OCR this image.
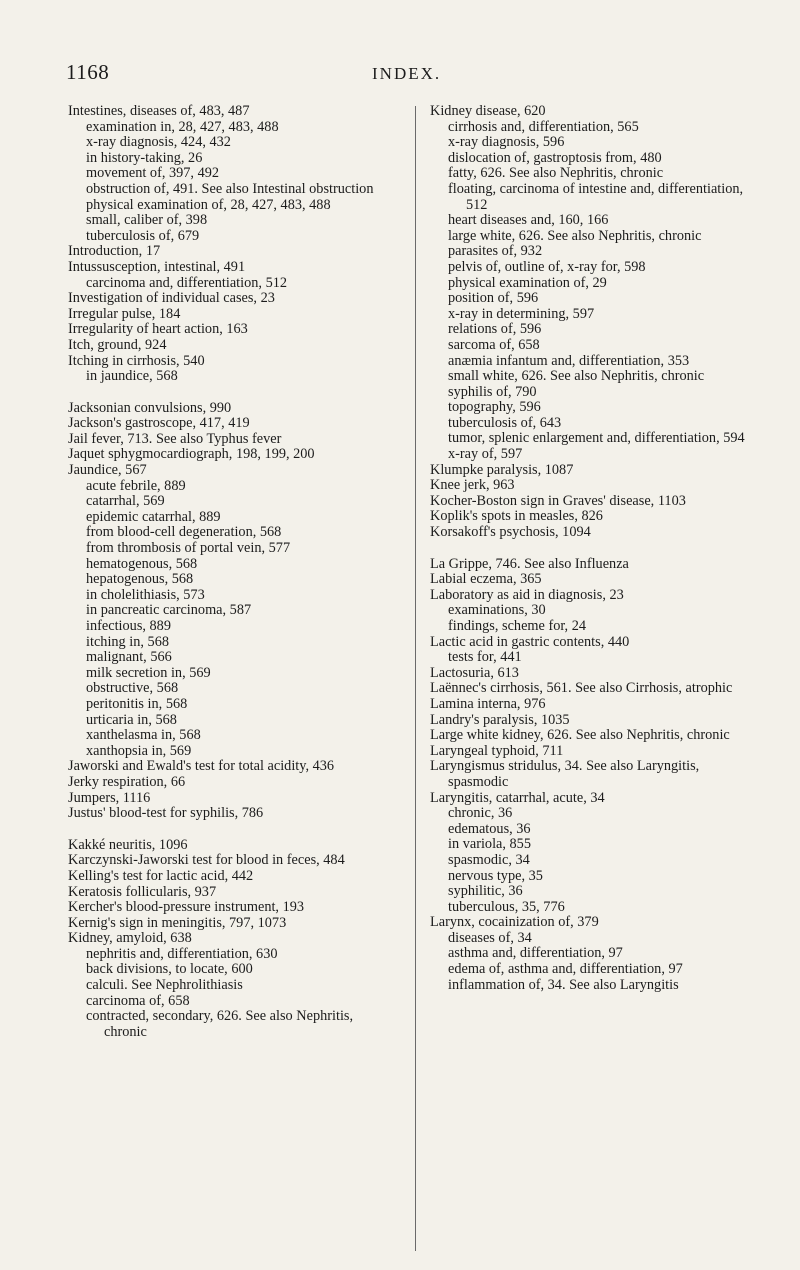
1168	INDEX.
Intestines, diseases of, 483, 487
examination in, 28, 427, 483, 488
x-ray diagnosis, 424, 432
in history-taking, 26
movement of, 397, 492
obstruction of, 491. See also Intestinal obstruction
physical examination of, 28, 427, 483, 488
small, caliber of, 398
tuberculosis of, 679
Introduction, 17
Intussusception, intestinal, 491
carcinoma and, differentiation, 512
Investigation of individual cases, 23
Irregular pulse, 184
Irregularity of heart action, 163
Itch, ground, 924
Itching in cirrhosis, 540
in jaundice, 568
Jacksonian convulsions, 990
Jackson's gastroscope, 417, 419
Jail fever, 713. See also Typhus fever
Jaquet sphygmocardiograph, 198, 199, 200
Jaundice, 567
acute febrile, 889
catarrhal, 569
epidemic catarrhal, 889
from blood-cell degeneration, 568
from thrombosis of portal vein, 577
hematogenous, 568
hepatogenous, 568
in cholelithiasis, 573
in pancreatic carcinoma, 587
infectious, 889
itching in, 568
malignant, 566
milk secretion in, 569
obstructive, 568
peritonitis in, 568
urticaria in, 568
xanthelasma in, 568
xanthopsia in, 569
Jaworski and Ewald's test for total acidity, 436
Jerky respiration, 66
Jumpers, 1116
Justus' blood-test for syphilis, 786
Kakké neuritis, 1096
Karczynski-Jaworski test for blood in feces, 484
Kelling's test for lactic acid, 442
Keratosis follicularis, 937
Kercher's blood-pressure instrument, 193
Kernig's sign in meningitis, 797, 1073
Kidney, amyloid, 638
nephritis and, differentiation, 630
back divisions, to locate, 600
calculi. See Nephrolithiasis
carcinoma of, 658
contracted, secondary, 626. See also Nephritis, chronic
Kidney disease, 620
cirrhosis and, differentiation, 565
x-ray diagnosis, 596
dislocation of, gastroptosis from, 480
fatty, 626. See also Nephritis, chronic
floating, carcinoma of intestine and, differentiation, 512
heart diseases and, 160, 166
large white, 626. See also Nephritis, chronic
parasites of, 932
pelvis of, outline of, x-ray for, 598
physical examination of, 29
position of, 596
x-ray in determining, 597
relations of, 596
sarcoma of, 658
anæmia infantum and, differentiation, 353
small white, 626. See also Nephritis, chronic
syphilis of, 790
topography, 596
tuberculosis of, 643
tumor, splenic enlargement and, differentiation, 594
x-ray of, 597
Klumpke paralysis, 1087
Knee jerk, 963
Kocher-Boston sign in Graves' disease, 1103
Koplik's spots in measles, 826
Korsakoff's psychosis, 1094
La Grippe, 746. See also Influenza
Labial eczema, 365
Laboratory as aid in diagnosis, 23
examinations, 30
findings, scheme for, 24
Lactic acid in gastric contents, 440
tests for, 441
Lactosuria, 613
Laënnec's cirrhosis, 561. See also Cirrhosis, atrophic
Lamina interna, 976
Landry's paralysis, 1035
Large white kidney, 626. See also Nephritis, chronic
Laryngeal typhoid, 711
Laryngismus stridulus, 34. See also Laryngitis, spasmodic
Laryngitis, catarrhal, acute, 34
chronic, 36
edematous, 36
in variola, 855
spasmodic, 34
nervous type, 35
syphilitic, 36
tuberculous, 35, 776
Larynx, cocainization of, 379
diseases of, 34
asthma and, differentiation, 97
edema of, asthma and, differentiation, 97
inflammation of, 34. See also Laryngitis
